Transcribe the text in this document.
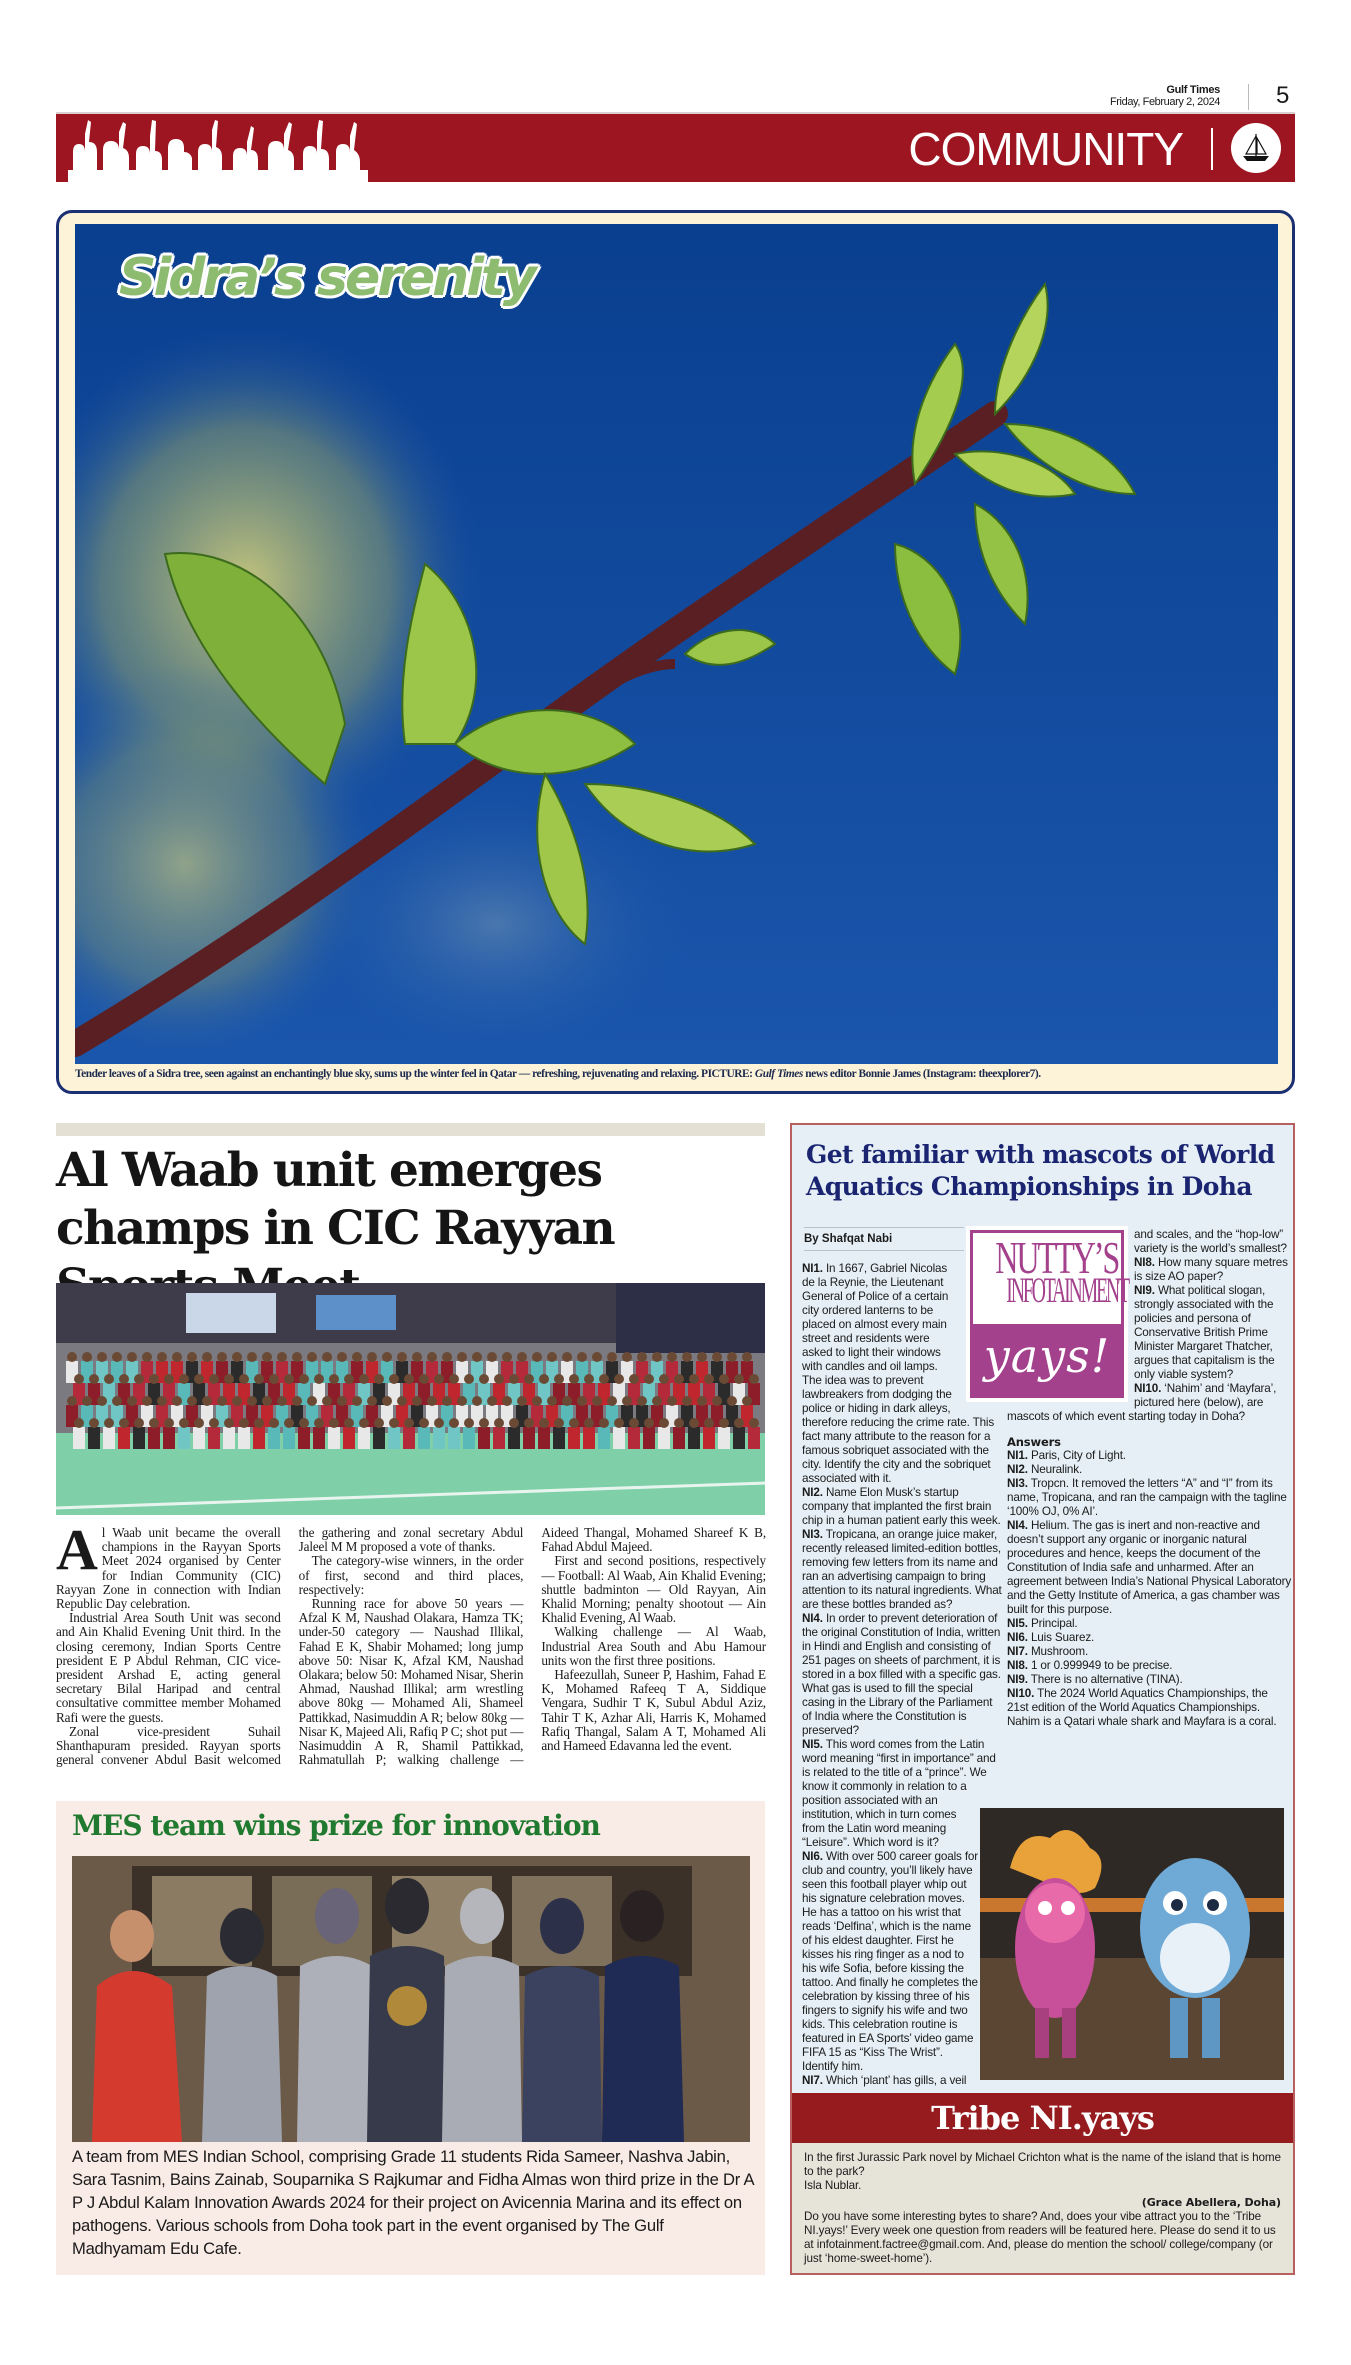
Gulf Times
Friday, February 2, 2024 5
COMMUNITY
Sidra’s serenity
Tender leaves of a Sidra tree, seen against an enchantingly blue sky, sums up the winter feel in Qatar — refreshing, rejuvenating and relaxing. PICTURE: Gulf Times news editor Bonnie James (Instagram: theexplorer7).
Al Waab unit emerges champs in CIC Rayyan

Al Waab unit became the overall champions in the Rayyan Sports Meet 2024 organised by Center for Indian Community (CIC) Rayyan Zone in connection with Indian Republic Day celebration.

Industrial Area South Unit was second and Ain Khalid Evening Unit third. In the closing ceremony, Indian Sports Centre president E P Abdul Rehman, CIC vice-president Arshad E, acting general secretary Bilal Haripad and central consultative committee member Mohamed Rafi were the guests.

Zonal vice-president Suhail Shanthapuram presided. Rayyan sports general convener Abdul Basit welcomed the gathering and zonal secretary Abdul Jaleel M M proposed a vote of thanks.

The category-wise winners, in the order of first, second and third places, respectively:

Running race for above 50 years — Afzal K M, Naushad Olakara, Hamza TK; under-50 category — Naushad Illikal, Fahad E K, Shabir Mohamed; long jump above 50: Nisar K, Afzal KM, Naushad Olakara; below 50: Mohamed Nisar, Sherin Ahmad, Naushad Illikal; arm wrestling above 80kg — Mohamed Ali, Shameel Pattikkad, Nasimuddin A R; below 80kg — Nisar K, Majeed Ali, Rafiq P C; shot put — Nasimuddin A R, Shamil Pattikkad, Rahmatullah P; walking challenge — Aideed Thangal, Mohamed Shareef K B, Fahad Abdul Majeed.

First and second positions, respectively — Football: Al Waab, Ain Khalid Evening; shuttle badminton — Old Rayyan, Ain Khalid Morning; penalty shootout — Ain Khalid Evening, Al Waab.

Walking challenge — Al Waab, Industrial Area South and Abu Hamour units won the first three positions.

Hafeezullah, Suneer P, Hashim, Fahad E K, Mohamed Rafeeq T A, Siddique Vengara, Sudhir T K, Subul Abdul Aziz, Tahir T K, Azhar Ali, Harris K, Mohamed Rafiq Thangal, Salam A T, Mohamed Ali and Hameed Edavanna led the event.

MES team wins prize for innovation
A team from MES Indian School, comprising Grade 11 students Rida Sameer, Nashva Jabin, Sara Tasnim, Bains Zainab, Souparnika S Rajkumar and Fidha Almas won third prize in the Dr A P J Abdul Kalam Innovation Awards 2024 for their project on Avicennia Marina and its effect on pathogens. Various schools from Doha took part in the event organised by The Gulf Madhyamam Edu Cafe.
Get familiar with mascots of World Aquatics Championships in Doha
By Shafqat Nabi	NUTTY’S
INFOTAINMENT
yays!
NI1. In 1667, Gabriel Nicolas de la Reynie, the Lieutenant General of Police of a certain city ordered lanterns to be placed on almost every main street and residents were asked to light their windows with candles and oil lamps. The idea was to prevent lawbreakers from dodging the police or hiding in dark alleys, therefore reducing the crime rate. This fact many attribute to the reason for a famous sobriquet associated with the city. Identify the city and the sobriquet associated with it.
NI2. Name Elon Musk’s startup company that implanted the first brain chip in a human patient early this week.
NI3. Tropicana, an orange juice maker, recently released limited-edition bottles, removing few letters from its name and ran an advertising campaign to bring attention to its natural ingredients. What are these bottles branded as?
NI4. In order to prevent deterioration of the original Constitution of India, written in Hindi and English and consisting of 251 pages on sheets of parchment, it is stored in a box filled with a specific gas. What gas is used to fill the special casing in the Library of the Parliament of India where the Constitution is preserved?
NI5. This word comes from the Latin word meaning “first in importance” and is related to the title of a “prince”. We know it commonly in relation to a position associated with an institution, which in turn comes from the Latin word meaning “Leisure”. Which word is it?
NI6. With over 500 career goals for club and country, you’ll likely have seen this football player whip out his signature celebration moves. He has a tattoo on his wrist that reads ‘Delfina’, which is the name of his eldest daughter. First he kisses his ring finger as a nod to his wife Sofia, before kissing the tattoo. And finally he completes the celebration by kissing three of his fingers to signify his wife and two kids. This celebration routine is featured in EA Sports’ video game FIFA 15 as “Kiss The Wrist”. Identify him.
NI7. Which ‘plant’ has gills, a veil
and scales, and the “hop-low” variety is the world’s smallest?
NI8. How many square metres is size AO paper?
NI9. What political slogan, strongly associated with the policies and persona of Conservative British Prime Minister Margaret Thatcher, argues that capitalism is the only viable system?
NI10. ‘Nahim’ and ‘Mayfara’, pictured here (below), are mascots of which event starting today in Doha?
Answers
NI1. Paris, City of Light.
NI2. Neuralink.
NI3. Tropcn. It removed the letters “A” and “I” from its name, Tropicana, and ran the campaign with the tagline ‘100% OJ, 0% AI’.
NI4. Helium. The gas is inert and non-reactive and doesn’t support any organic or inorganic natural procedures and hence, keeps the document of the Constitution of India safe and unharmed. After an agreement between India’s National Physical Laboratory and the Getty Institute of America, a gas chamber was built for this purpose.
NI5. Principal.
NI6. Luis Suarez.
NI7. Mushroom.
NI8. 1 or 0.999949 to be precise.
NI9. There is no alternative (TINA).
NI10. The 2024 World Aquatics Championships, the 21st edition of the World Aquatics Championships. Nahim is a Qatari whale shark and Mayfara is a coral.
Tribe NI.yays
In the first Jurassic Park novel by Michael Crichton what is the name of the island that is home to the park?
Isla Nublar.
(Grace Abellera, Doha)
Do you have some interesting bytes to share? And, does your vibe attract you to the ‘Tribe NI.yays!’ Every week one question from readers will be featured here. Please do send it to us at infotainment.factree@gmail.com. And, please do mention the school/ college/company (or just ‘home-sweet-home’).
